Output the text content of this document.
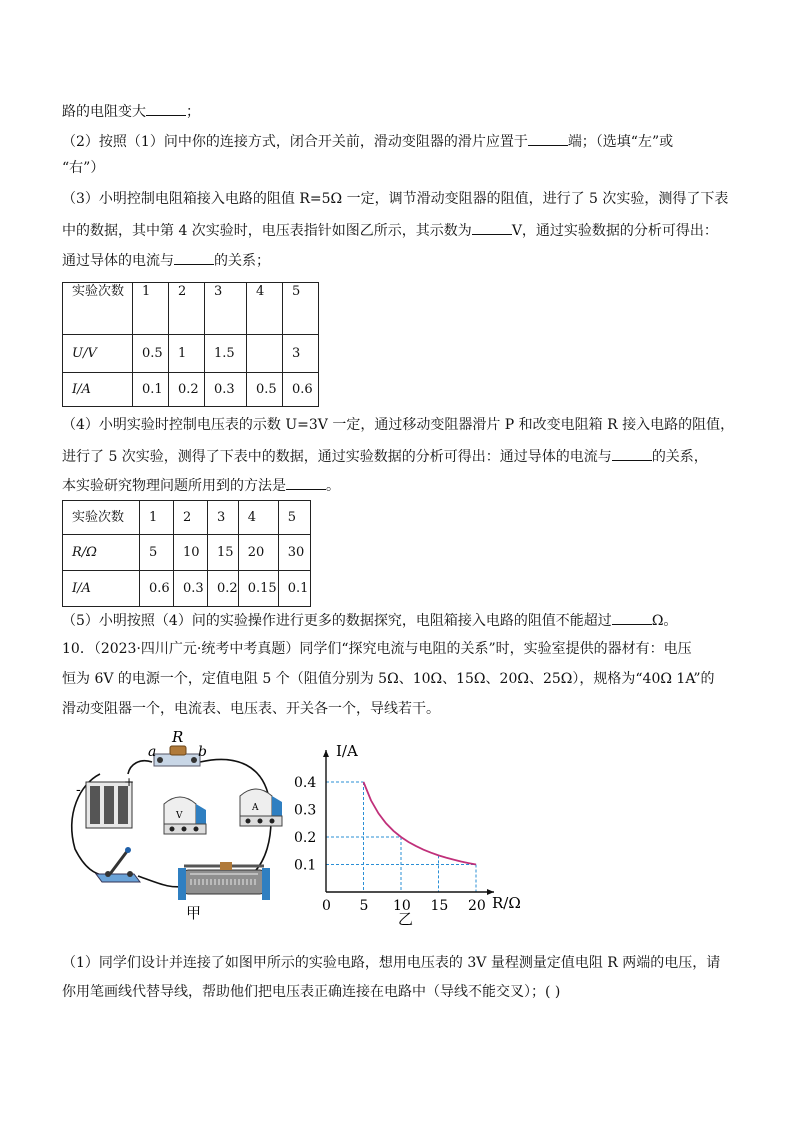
路的电阻变大	；
（2）按照（1）问中你的连接方式，闭合开关前，滑动变阻器的滑片应置于	端；（选填“左”或
“右”）
（3）小明控制电阻箱接入电路的阻值 R=5Ω 一定，调节滑动变阻器的阻值，进行了 5 次实验，测得了下表
中的数据，其中第 4 次实验时，电压表指针如图乙所示，其示数为	V，通过实验数据的分析可得出：
通过导体的电流与	的关系；
实验次数	1	2	3	4	5
U/V	0.5	1	1.5		3
I/A	0.1	0.2	0.3	0.5	0.6
（4）小明实验时控制电压表的示数 U=3V 一定，通过移动变阻器滑片 P 和改变电阻箱 R 接入电路的阻值，
进行了 5 次实验，测得了下表中的数据，通过实验数据的分析可得出：通过导体的电流与	的关系，
本实验研究物理问题所用到的方法是	。
实验次数	1	2	3	4	5
R/Ω	5	10	15	20	30
I/A	0.6	0.3	0.2	0.15	0.1
（5）小明按照（4）问的实验操作进行更多的数据探究，电阻箱接入电路的阻值不能超过	Ω。
10．（2023·四川广元·统考中考真题）同学们“探究电流与电阻的关系”时，实验室提供的器材有：电压
恒为 6V 的电源一个，定值电阻 5 个（阻值分别为 5Ω、10Ω、15Ω、20Ω、25Ω），规格为“40Ω 1A”的
滑动变阻器一个，电流表、电压表、开关各一个，导线若干。
R
a	b
-	+
V
A
甲	0 5 10 15 20
0.1
0.2
0.3
0.4
I/A
R/Ω
乙
（1）同学们设计并连接了如图甲所示的实验电路，想用电压表的 3V 量程测量定值电阻 R 两端的电压，请
你用笔画线代替导线，帮助他们把电压表正确连接在电路中（导线不能交叉）；( )
